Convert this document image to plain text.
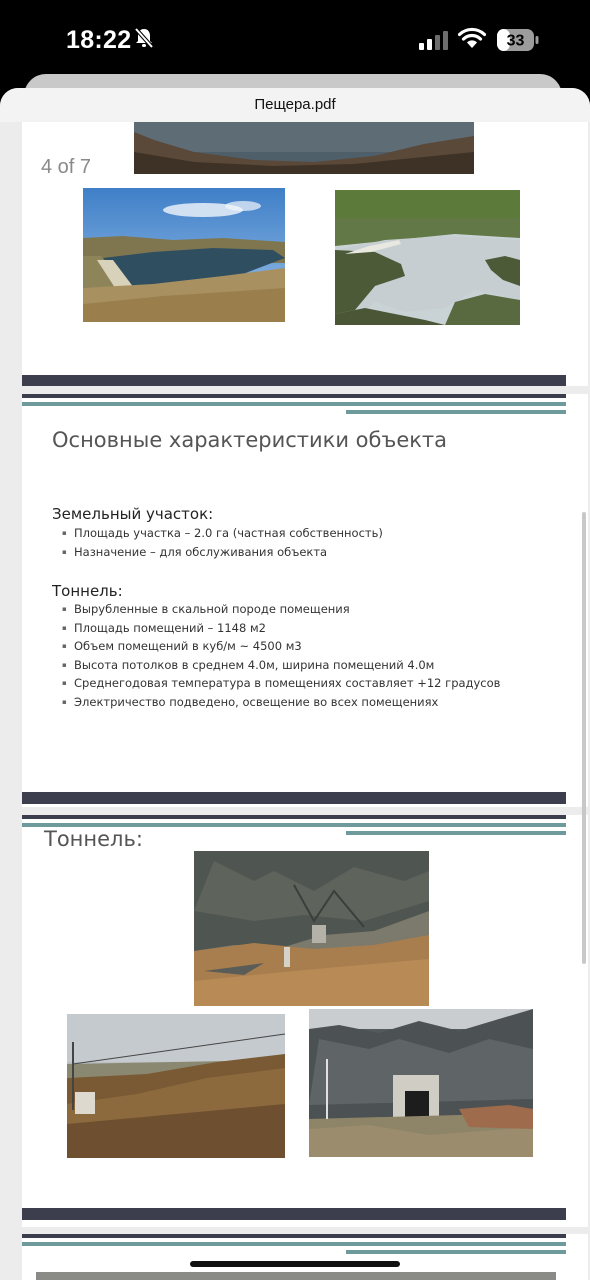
18:22	33
Пещера.pdf
4 of 7
Основные характеристики объекта
Земельный участок:
▪ Площадь участка – 2.0 га (частная собственность)
▪ Назначение – для обслуживания объекта
Тоннель:
▪ Вырубленные в скальной породе помещения
▪ Площадь помещений – 1148 м2
▪ Объем помещений в куб/м ~ 4500 м3
▪ Высота потолков в среднем 4.0м, ширина помещений 4.0м
▪ Среднегодовая температура в помещениях составляет +12 градусов
▪ Электричество подведено, освещение во всех помещениях
Тоннель:
